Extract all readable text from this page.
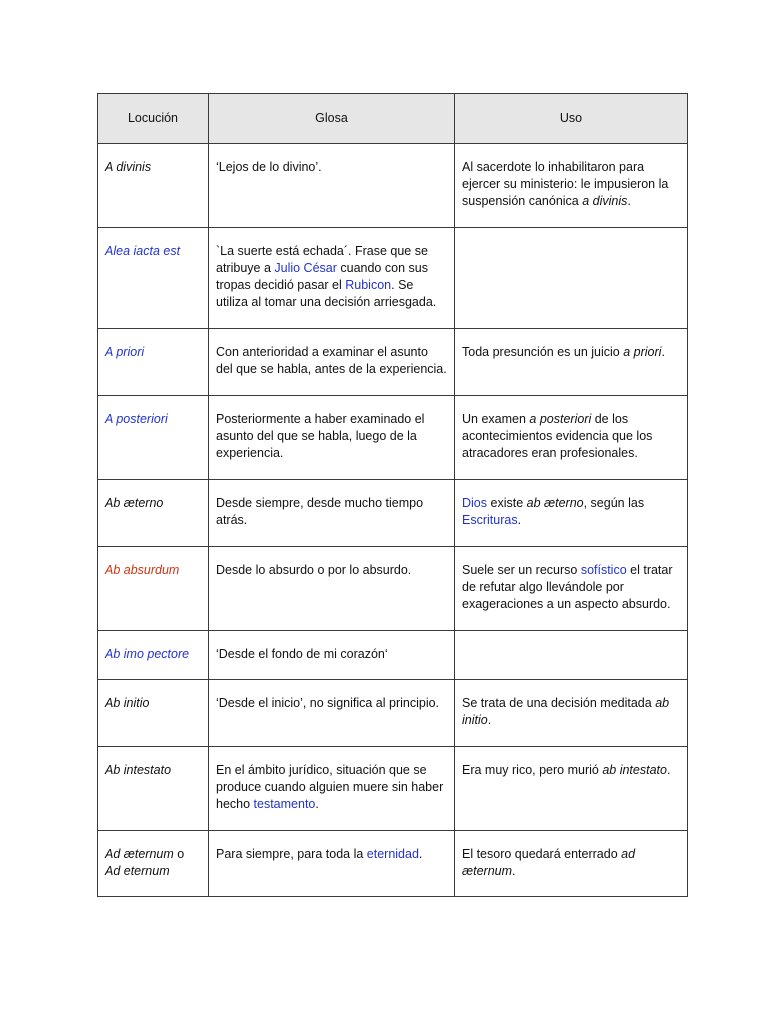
Locución	Glosa	Uso
A divinis	‘Lejos de lo divino’.	Al sacerdote lo inhabilitaron para ejercer su ministerio: le impusieron la suspensión canónica a divinis.
Alea iacta est	`La suerte está echada´. Frase que se atribuye a Julio César cuando con sus tropas decidió pasar el Rubicon. Se utiliza al tomar una decisión arriesgada.	
A priori	Con anterioridad a examinar el asunto del que se habla, antes de la experiencia.	Toda presunción es un juicio a priori.
A posteriori	Posteriormente a haber examinado el asunto del que se habla, luego de la experiencia.	Un examen a posteriori de los acontecimientos evidencia que los atracadores eran profesionales.
Ab æterno	Desde siempre, desde mucho tiempo atrás.	Dios existe ab æterno, según las Escrituras.
Ab absurdum	Desde lo absurdo o por lo absurdo.	Suele ser un recurso sofístico el tratar de refutar algo llevándole por exageraciones a un aspecto absurdo.
Ab imo pectore	‘Desde el fondo de mi corazón‘	
Ab initio	‘Desde el inicio’, no significa al principio.	Se trata de una decisión meditada ab initio.
Ab intestato	En el ámbito jurídico, situación que se produce cuando alguien muere sin haber hecho testamento.	Era muy rico, pero murió ab intestato.
Ad æternum o Ad eternum	Para siempre, para toda la eternidad.	El tesoro quedará enterrado ad æternum.
